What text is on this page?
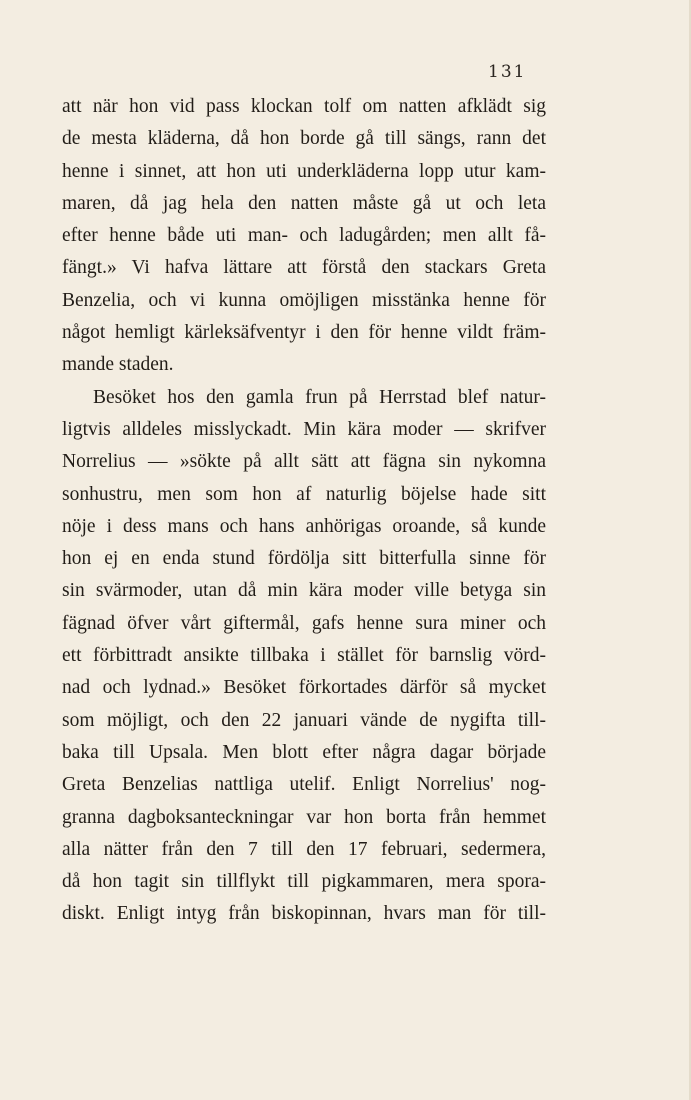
131
att när hon vid pass klockan tolf om natten afklädt sig
de mesta kläderna, då hon borde gå till sängs, rann det
henne i sinnet, att hon uti underkläderna lopp utur kam-
maren, då jag hela den natten måste gå ut och leta
efter henne både uti man- och ladugården; men allt få-
fängt.» Vi hafva lättare att förstå den stackars Greta
Benzelia, och vi kunna omöjligen misstänka henne för
något hemligt kärleksäfventyr i den för henne vildt främ-
mande staden.
Besöket hos den gamla frun på Herrstad blef natur-
ligtvis alldeles misslyckadt. Min kära moder — skrifver
Norrelius — »sökte på allt sätt att fägna sin nykomna
sonhustru, men som hon af naturlig böjelse hade sitt
nöje i dess mans och hans anhörigas oroande, så kunde
hon ej en enda stund fördölja sitt bitterfulla sinne för
sin svärmoder, utan då min kära moder ville betyga sin
fägnad öfver vårt giftermål, gafs henne sura miner och
ett förbittradt ansikte tillbaka i stället för barnslig vörd-
nad och lydnad.» Besöket förkortades därför så mycket
som möjligt, och den 22 januari vände de nygifta till-
baka till Upsala. Men blott efter några dagar började
Greta Benzelias nattliga utelif. Enligt Norrelius' nog-
granna dagboksanteckningar var hon borta från hemmet
alla nätter från den 7 till den 17 februari, sedermera,
då hon tagit sin tillflykt till pigkammaren, mera spora-
diskt. Enligt intyg från biskopinnan, hvars man för till-
